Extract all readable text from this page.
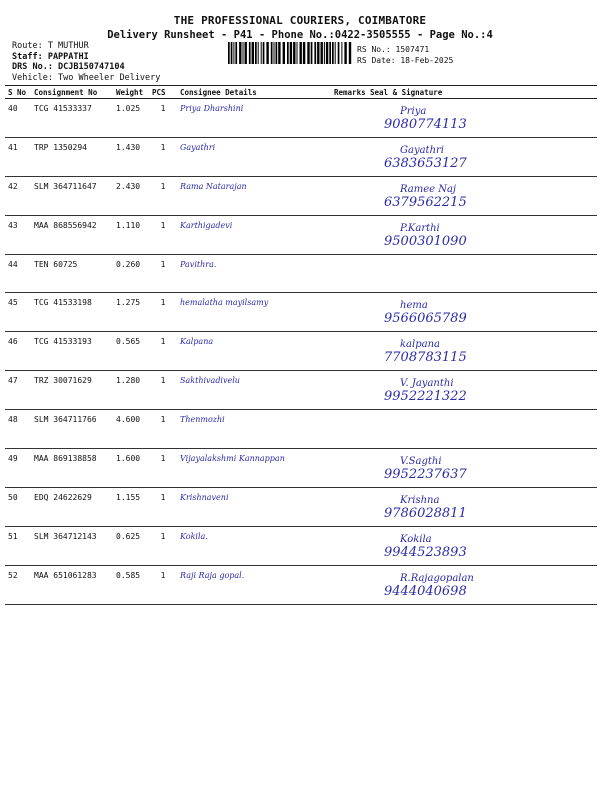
THE PROFESSIONAL COURIERS, COIMBATORE
Delivery Runsheet - P41 - Phone No.:0422-3505555 - Page No.:4
Route: T MUTHUR
Staff: PAPPATHI
DRS No.: DCJB150747104
Vehicle: Two Wheeler Delivery
RS No.: 1507471
RS Date: 18-Feb-2025
S No	Consignment No	Weight	PCS	Consignee Details	Remarks	Seal & Signature
40	TCG 41533337	1.025	1	Priya Dharshini		Priya
9080774113

41	TRP 1350294	1.430	1	Gayathri		Gayathri
6383653127

42	SLM 364711647	2.430	1	Rama Natarajan		Ramee Naj
6379562215

43	MAA 868556942	1.110	1	Karthigadevi		P.Karthi
9500301090

44	TEN 60725	0.260	1	Pavithra.		

45	TCG 41533198	1.275	1	hemalatha mayilsamy		hema
9566065789

46	TCG 41533193	0.565	1	Kalpana		kalpana
7708783115

47	TRZ 30071629	1.280	1	Sakthivadivelu		V. Jayanthi
9952221322

48	SLM 364711766	4.600	1	Thenmozhi		

49	MAA 869138858	1.600	1	Vijayalakshmi Kannappan		V.Sagthi
9952237637

50	EDQ 24622629	1.155	1	Krishnaveni		Krishna
9786028811

51	SLM 364712143	0.625	1	Kokila.		Kokila
9944523893

52	MAA 651061283	0.585	1	Raji Raja gopal.		R.Rajagopalan
9444040698
